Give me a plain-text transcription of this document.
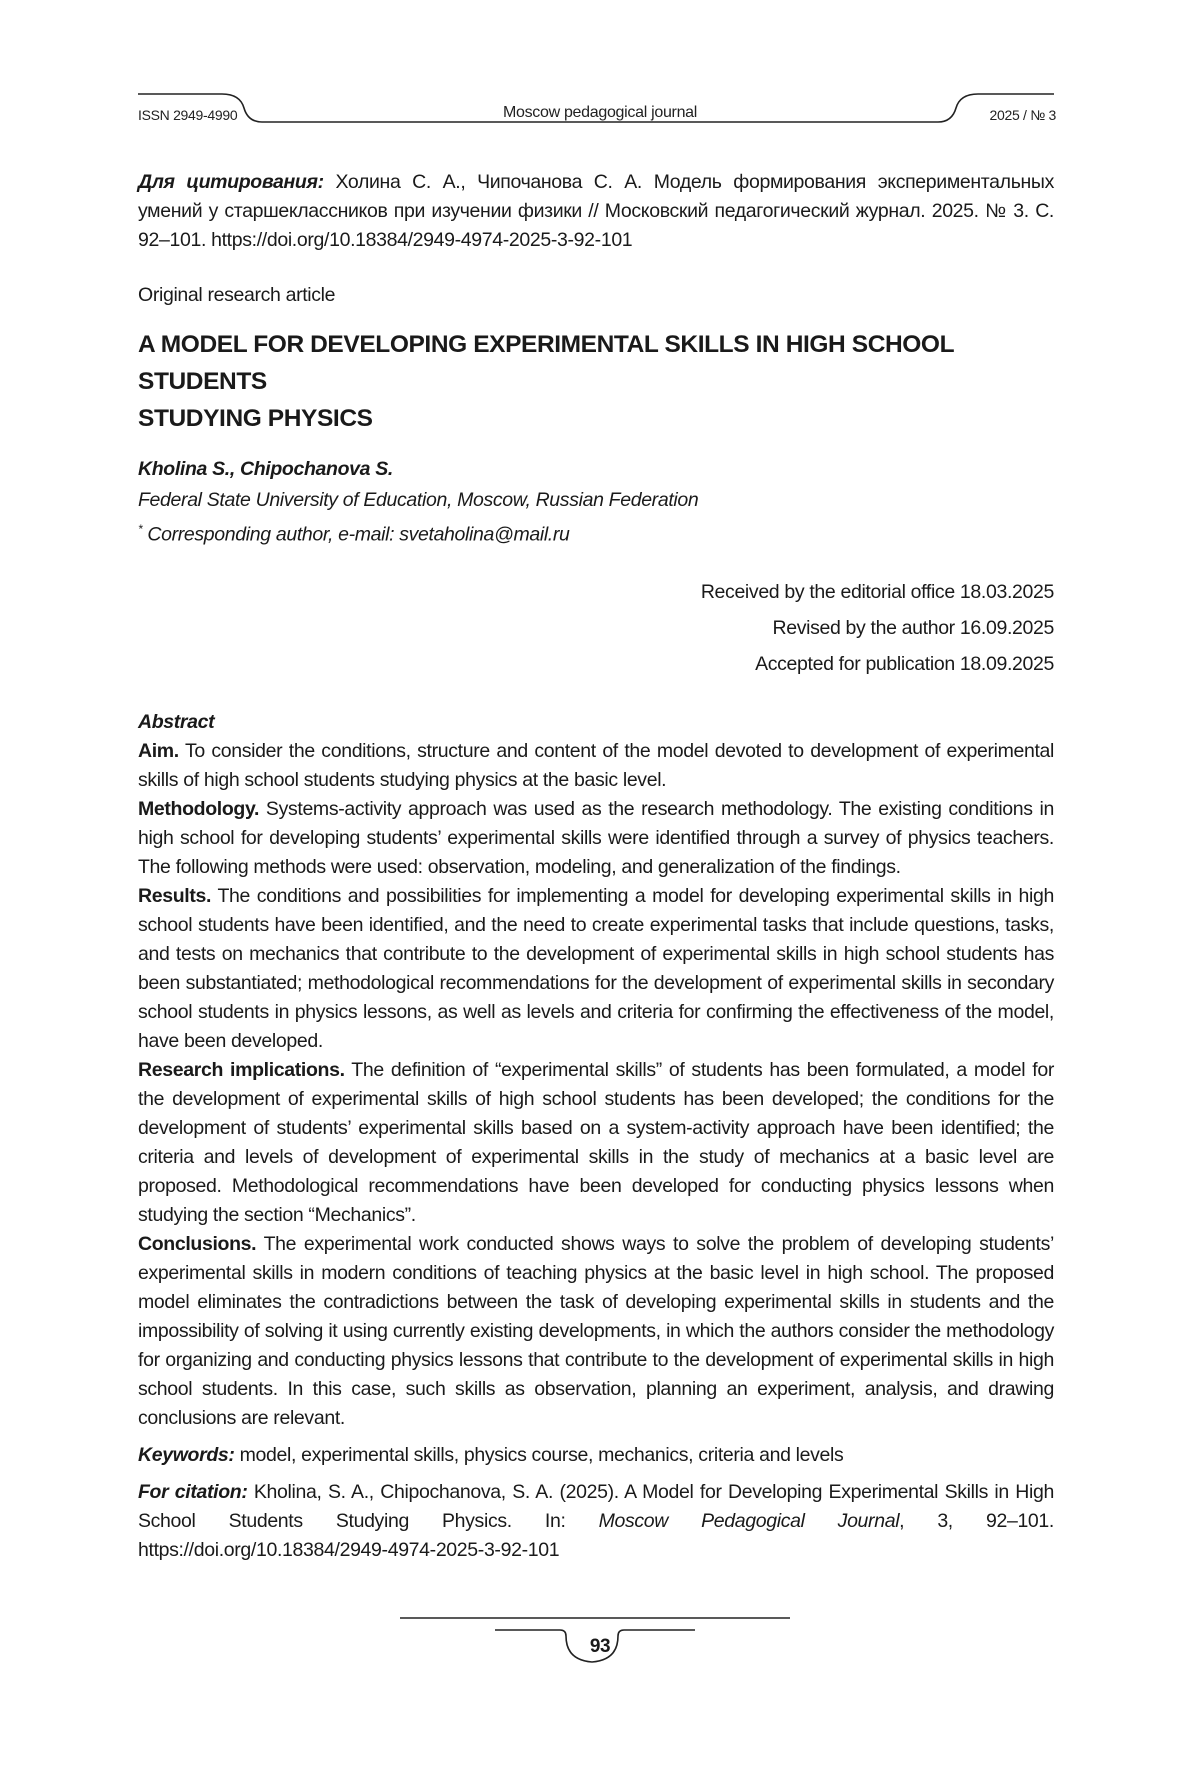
ISSN 2949-4990	Moscow pedagogical journal	2025 / № 3

Для цитирования: Холина С. А., Чипочанова С. А. Модель формирования экспериментальных умений у старшеклассников при изучении физики // Московский педагогический журнал. 2025. № 3. С. 92–101. https://doi.org/10.18384/2949-4974-2025-3-92-101

Original research article

A MODEL FOR DEVELOPING EXPERIMENTAL SKILLS IN HIGH SCHOOL STUDENTS
STUDYING PHYSICS

Kholina S., Chipochanova S.

Federal State University of Education, Moscow, Russian Federation

* Corresponding author, e-mail: svetaholina@mail.ru

Received by the editorial office 18.03.2025
Revised by the author 16.09.2025
Accepted for publication 18.09.2025

Abstract

Aim. To consider the conditions, structure and content of the model devoted to development of experimental skills of high school students studying physics at the basic level.

Methodology. Systems-activity approach was used as the research methodology. The existing conditions in high school for developing students’ experimental skills were identified through a survey of physics teachers. The following methods were used: observation, modeling, and generalization of the findings.

Results. The conditions and possibilities for implementing a model for developing experimental skills in high school students have been identified, and the need to create experimental tasks that include questions, tasks, and tests on mechanics that contribute to the development of experimental skills in high school students has been substantiated; methodological recommendations for the development of experimental skills in secondary school students in physics lessons, as well as levels and criteria for confirming the effectiveness of the model, have been developed.

Research implications. The definition of “experimental skills” of students has been formulated, a model for the development of experimental skills of high school students has been developed; the conditions for the development of students’ experimental skills based on a system-activity approach have been identified; the criteria and levels of development of experimental skills in the study of mechanics at a basic level are proposed. Methodological recommendations have been developed for conducting physics lessons when studying the section “Mechanics”.

Conclusions. The experimental work conducted shows ways to solve the problem of developing students’ experimental skills in modern conditions of teaching physics at the basic level in high school. The proposed model eliminates the contradictions between the task of developing experimental skills in students and the impossibility of solving it using currently existing developments, in which the authors consider the methodology for organizing and conducting physics lessons that contribute to the development of experimental skills in high school students. In this case, such skills as observation, planning an experiment, analysis, and drawing conclusions are relevant.

Keywords: model, experimental skills, physics course, mechanics, criteria and levels

For citation: Kholina, S. A., Chipochanova, S. A. (2025). A Model for Developing Experimental Skills in High School Students Studying Physics. In: Moscow Pedagogical Journal, 3, 92–101. https://doi.org/10.18384/2949-4974-2025-3-92-101

93
